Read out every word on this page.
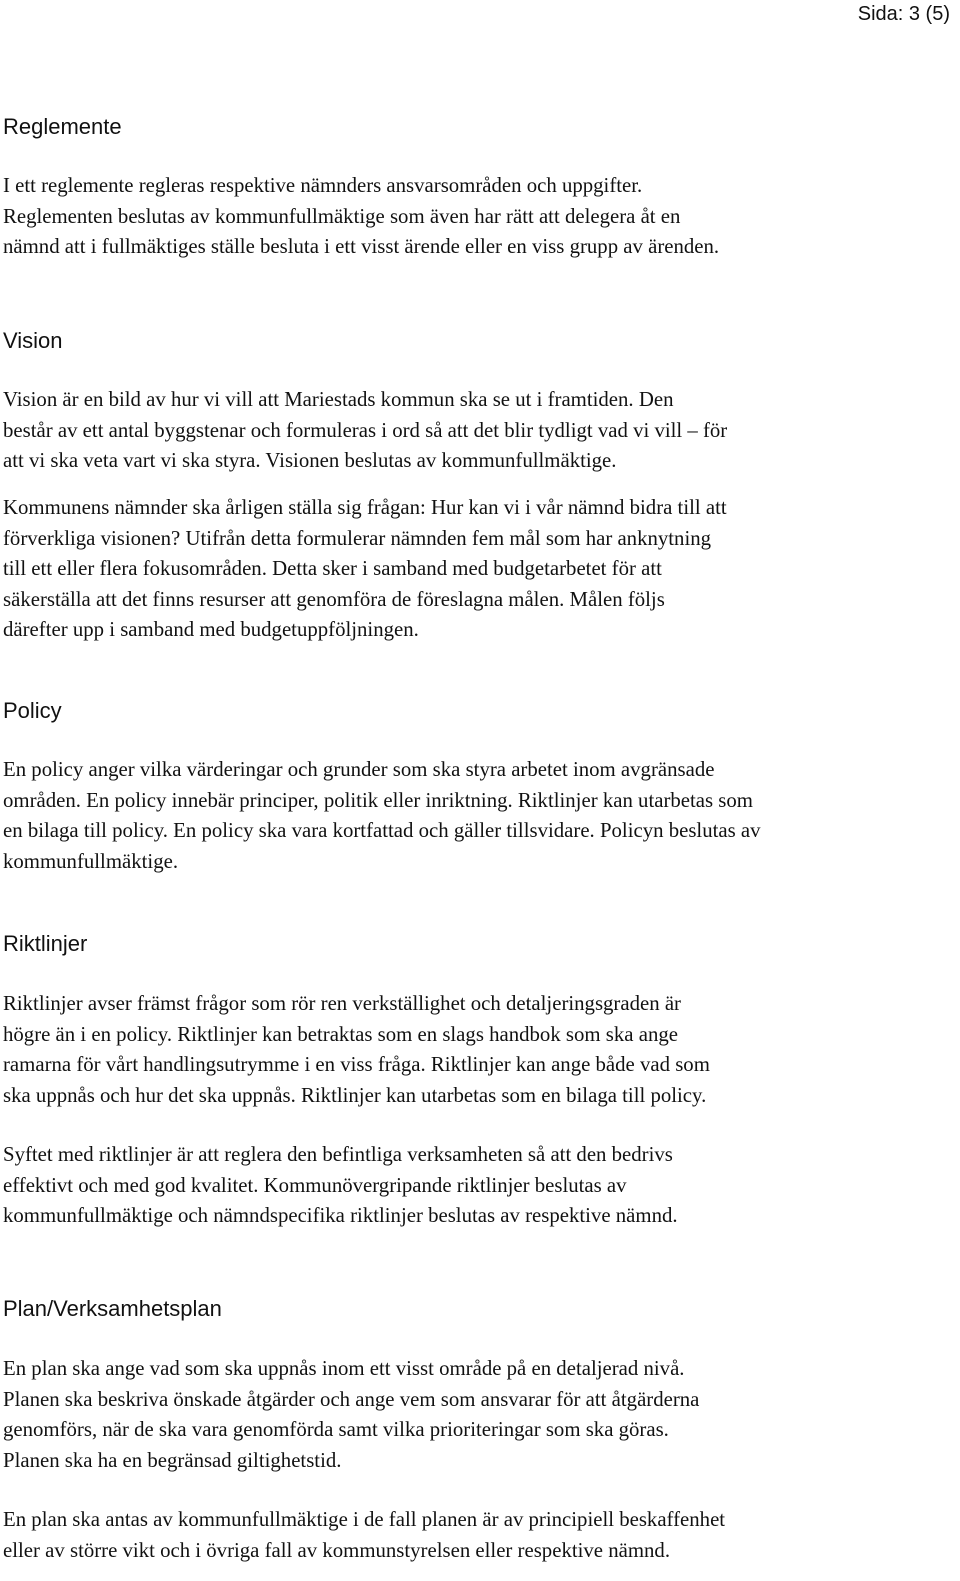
Sida: 3 (5)
Reglemente

I ett reglemente regleras respektive nämnders ansvarsområden och uppgifter.
Reglementen beslutas av kommunfullmäktige som även har rätt att delegera åt en
nämnd att i fullmäktiges ställe besluta i ett visst ärende eller en viss grupp av ärenden.

Vision

Vision är en bild av hur vi vill att Mariestads kommun ska se ut i framtiden. Den
består av ett antal byggstenar och formuleras i ord så att det blir tydligt vad vi vill – för
att vi ska veta vart vi ska styra. Visionen beslutas av kommunfullmäktige.

Kommunens nämnder ska årligen ställa sig frågan: Hur kan vi i vår nämnd bidra till att
förverkliga visionen? Utifrån detta formulerar nämnden fem mål som har anknytning
till ett eller flera fokusområden. Detta sker i samband med budgetarbetet för att
säkerställa att det finns resurser att genomföra de föreslagna målen. Målen följs
därefter upp i samband med budgetuppföljningen.

Policy

En policy anger vilka värderingar och grunder som ska styra arbetet inom avgränsade
områden. En policy innebär principer, politik eller inriktning. Riktlinjer kan utarbetas som
en bilaga till policy. En policy ska vara kortfattad och gäller tillsvidare. Policyn beslutas av
kommunfullmäktige.

Riktlinjer

Riktlinjer avser främst frågor som rör ren verkställighet och detaljeringsgraden är
högre än i en policy. Riktlinjer kan betraktas som en slags handbok som ska ange
ramarna för vårt handlingsutrymme i en viss fråga. Riktlinjer kan ange både vad som
ska uppnås och hur det ska uppnås. Riktlinjer kan utarbetas som en bilaga till policy.

Syftet med riktlinjer är att reglera den befintliga verksamheten så att den bedrivs
effektivt och med god kvalitet. Kommunövergripande riktlinjer beslutas av
kommunfullmäktige och nämndspecifika riktlinjer beslutas av respektive nämnd.

Plan/Verksamhetsplan

En plan ska ange vad som ska uppnås inom ett visst område på en detaljerad nivå.
Planen ska beskriva önskade åtgärder och ange vem som ansvarar för att åtgärderna
genomförs, när de ska vara genomförda samt vilka prioriteringar som ska göras.
Planen ska ha en begränsad giltighetstid.

En plan ska antas av kommunfullmäktige i de fall planen är av principiell beskaffenhet
eller av större vikt och i övriga fall av kommunstyrelsen eller respektive nämnd.
